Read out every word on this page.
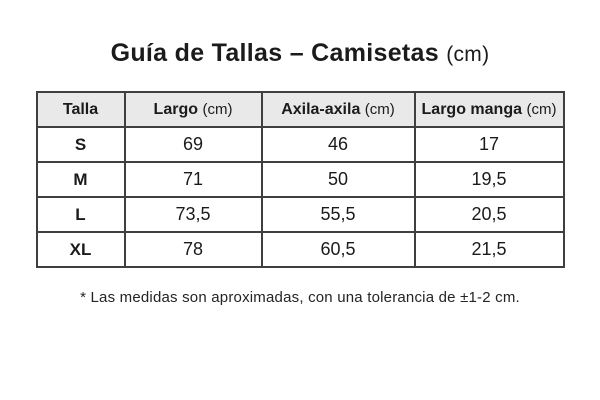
Guía de Tallas – Camisetas (cm)
Talla	Largo (cm)	Axila-axila (cm)	Largo manga (cm)
S	69	46	17
M	71	50	19,5
L	73,5	55,5	20,5
XL	78	60,5	21,5

* Las medidas son aproximadas, con una tolerancia de ±1-2 cm.
